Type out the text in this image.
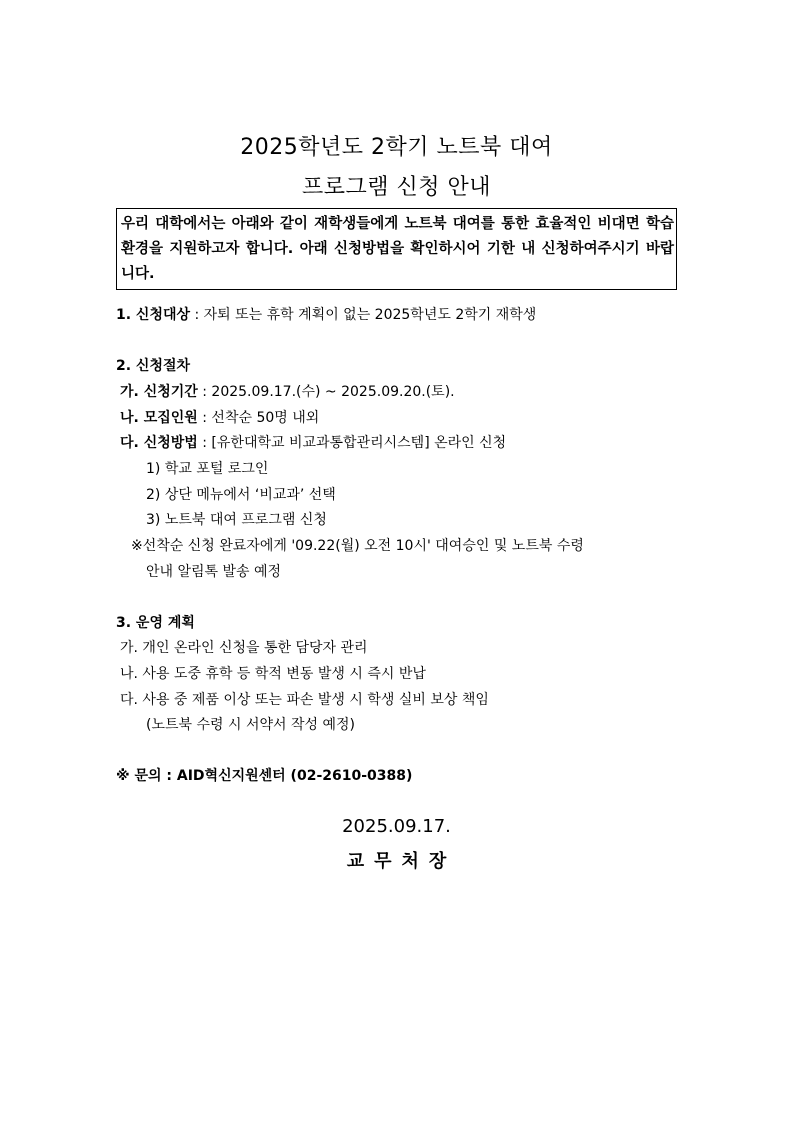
2025학년도 2학기 노트북 대여
프로그램 신청 안내

우리 대학에서는 아래와 같이 재학생들에게 노트북 대여를 통한 효율적인 비대면 학습환경을 지원하고자 합니다. 아래 신청방법을 확인하시어 기한 내 신청하여주시기 바랍니다.

1. 신청대상 : 자퇴 또는 휴학 계획이 없는 2025학년도 2학기 재학생
2. 신청절차
가. 신청기간 : 2025.09.17.(수) ~ 2025.09.20.(토).
나. 모집인원 : 선착순 50명 내외
다. 신청방법 : [유한대학교 비교과통합관리시스템] 온라인 신청
1) 학교 포털 로그인
2) 상단 메뉴에서 ‘비교과’ 선택
3) 노트북 대여 프로그램 신청
※선착순 신청 완료자에게 '09.22(월) 오전 10시' 대여승인 및 노트북 수령
안내 알림톡 발송 예정
3. 운영 계획
가. 개인 온라인 신청을 통한 담당자 관리
나. 사용 도중 휴학 등 학적 변동 발생 시 즉시 반납
다. 사용 중 제품 이상 또는 파손 발생 시 학생 실비 보상 책임
(노트북 수령 시 서약서 작성 예정)
※ 문의 : AID혁신지원센터 (02-2610-0388)
2025.09.17.
교무처장
